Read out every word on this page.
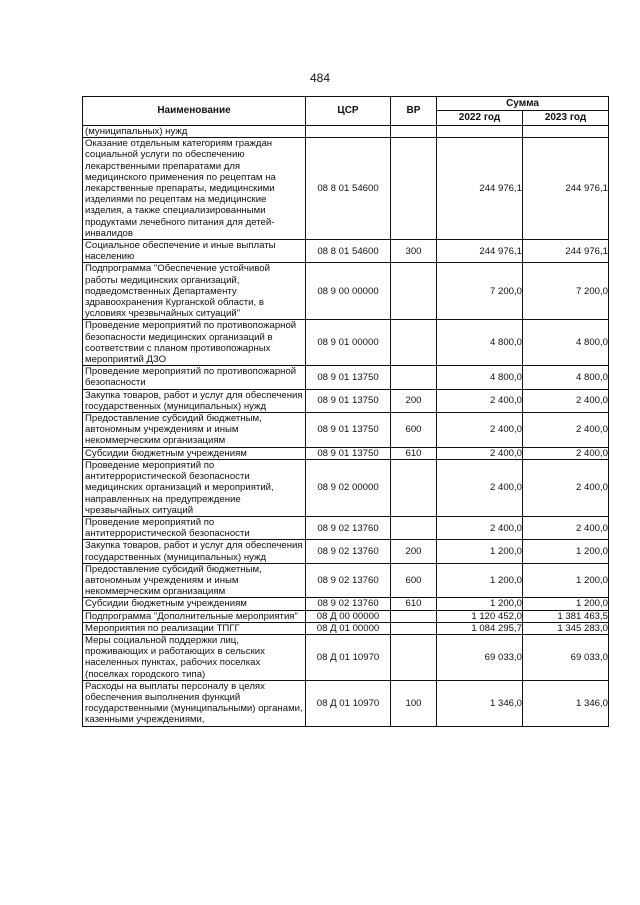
484
Наименование	ЦСР	ВР	Сумма	
			2022 год	2023 год
(муниципальных) нужд				
Оказание отдельным категориям граждан социальной услуги по обеспечению лекарственными препаратами для медицинского применения по рецептам на лекарственные препараты, медицинскими изделиями по рецептам на медицинские изделия, а также специализированными продуктами лечебного питания для детей-инвалидов	08 8 01 54600		244 976,1	244 976,1
Социальное обеспечение и иные выплаты населению	08 8 01 54600	300	244 976,1	244 976,1
Подпрограмма "Обеспечение устойчивой работы медицинских организаций, подведомственных Департаменту здравоохранения Курганской области, в условиях чрезвычайных ситуаций"	08 9 00 00000		7 200,0	7 200,0
Проведение мероприятий по противопожарной безопасности медицинских организаций в соответствии с планом противопожарных мероприятий ДЗО	08 9 01 00000		4 800,0	4 800,0
Проведение мероприятий по противопожарной безопасности	08 9 01 13750		4 800,0	4 800,0
Закупка товаров, работ и услуг для обеспечения государственных (муниципальных) нужд	08 9 01 13750	200	2 400,0	2 400,0
Предоставление субсидий бюджетным, автономным учреждениям и иным некоммерческим организациям	08 9 01 13750	600	2 400,0	2 400,0
Субсидии бюджетным учреждениям	08 9 01 13750	610	2 400,0	2 400,0
Проведение мероприятий по антитеррористической безопасности медицинских организаций и мероприятий, направленных на предупреждение чрезвычайных ситуаций	08 9 02 00000		2 400,0	2 400,0
Проведение мероприятий по антитеррористической безопасности	08 9 02 13760		2 400,0	2 400,0
Закупка товаров, работ и услуг для обеспечения государственных (муниципальных) нужд	08 9 02 13760	200	1 200,0	1 200,0
Предоставление субсидий бюджетным, автономным учреждениям и иным некоммерческим организациям	08 9 02 13760	600	1 200,0	1 200,0
Субсидии бюджетным учреждениям	08 9 02 13760	610	1 200,0	1 200,0
Подпрограмма "Дополнительные мероприятия"	08 Д 00 00000		1 120 452,0	1 381 463,5
Мероприятия по реализации ТПГГ	08 Д 01 00000		1 084 295,7	1 345 283,0
Меры социальной поддержки лиц, проживающих и работающих в сельских населенных пунктах, рабочих поселках (поселках городского типа)	08 Д 01 10970		69 033,0	69 033,0
Расходы на выплаты персоналу в целях обеспечения выполнения функций государственными (муниципальными) органами, казенными учреждениями,	08 Д 01 10970	100	1 346,0	1 346,0
